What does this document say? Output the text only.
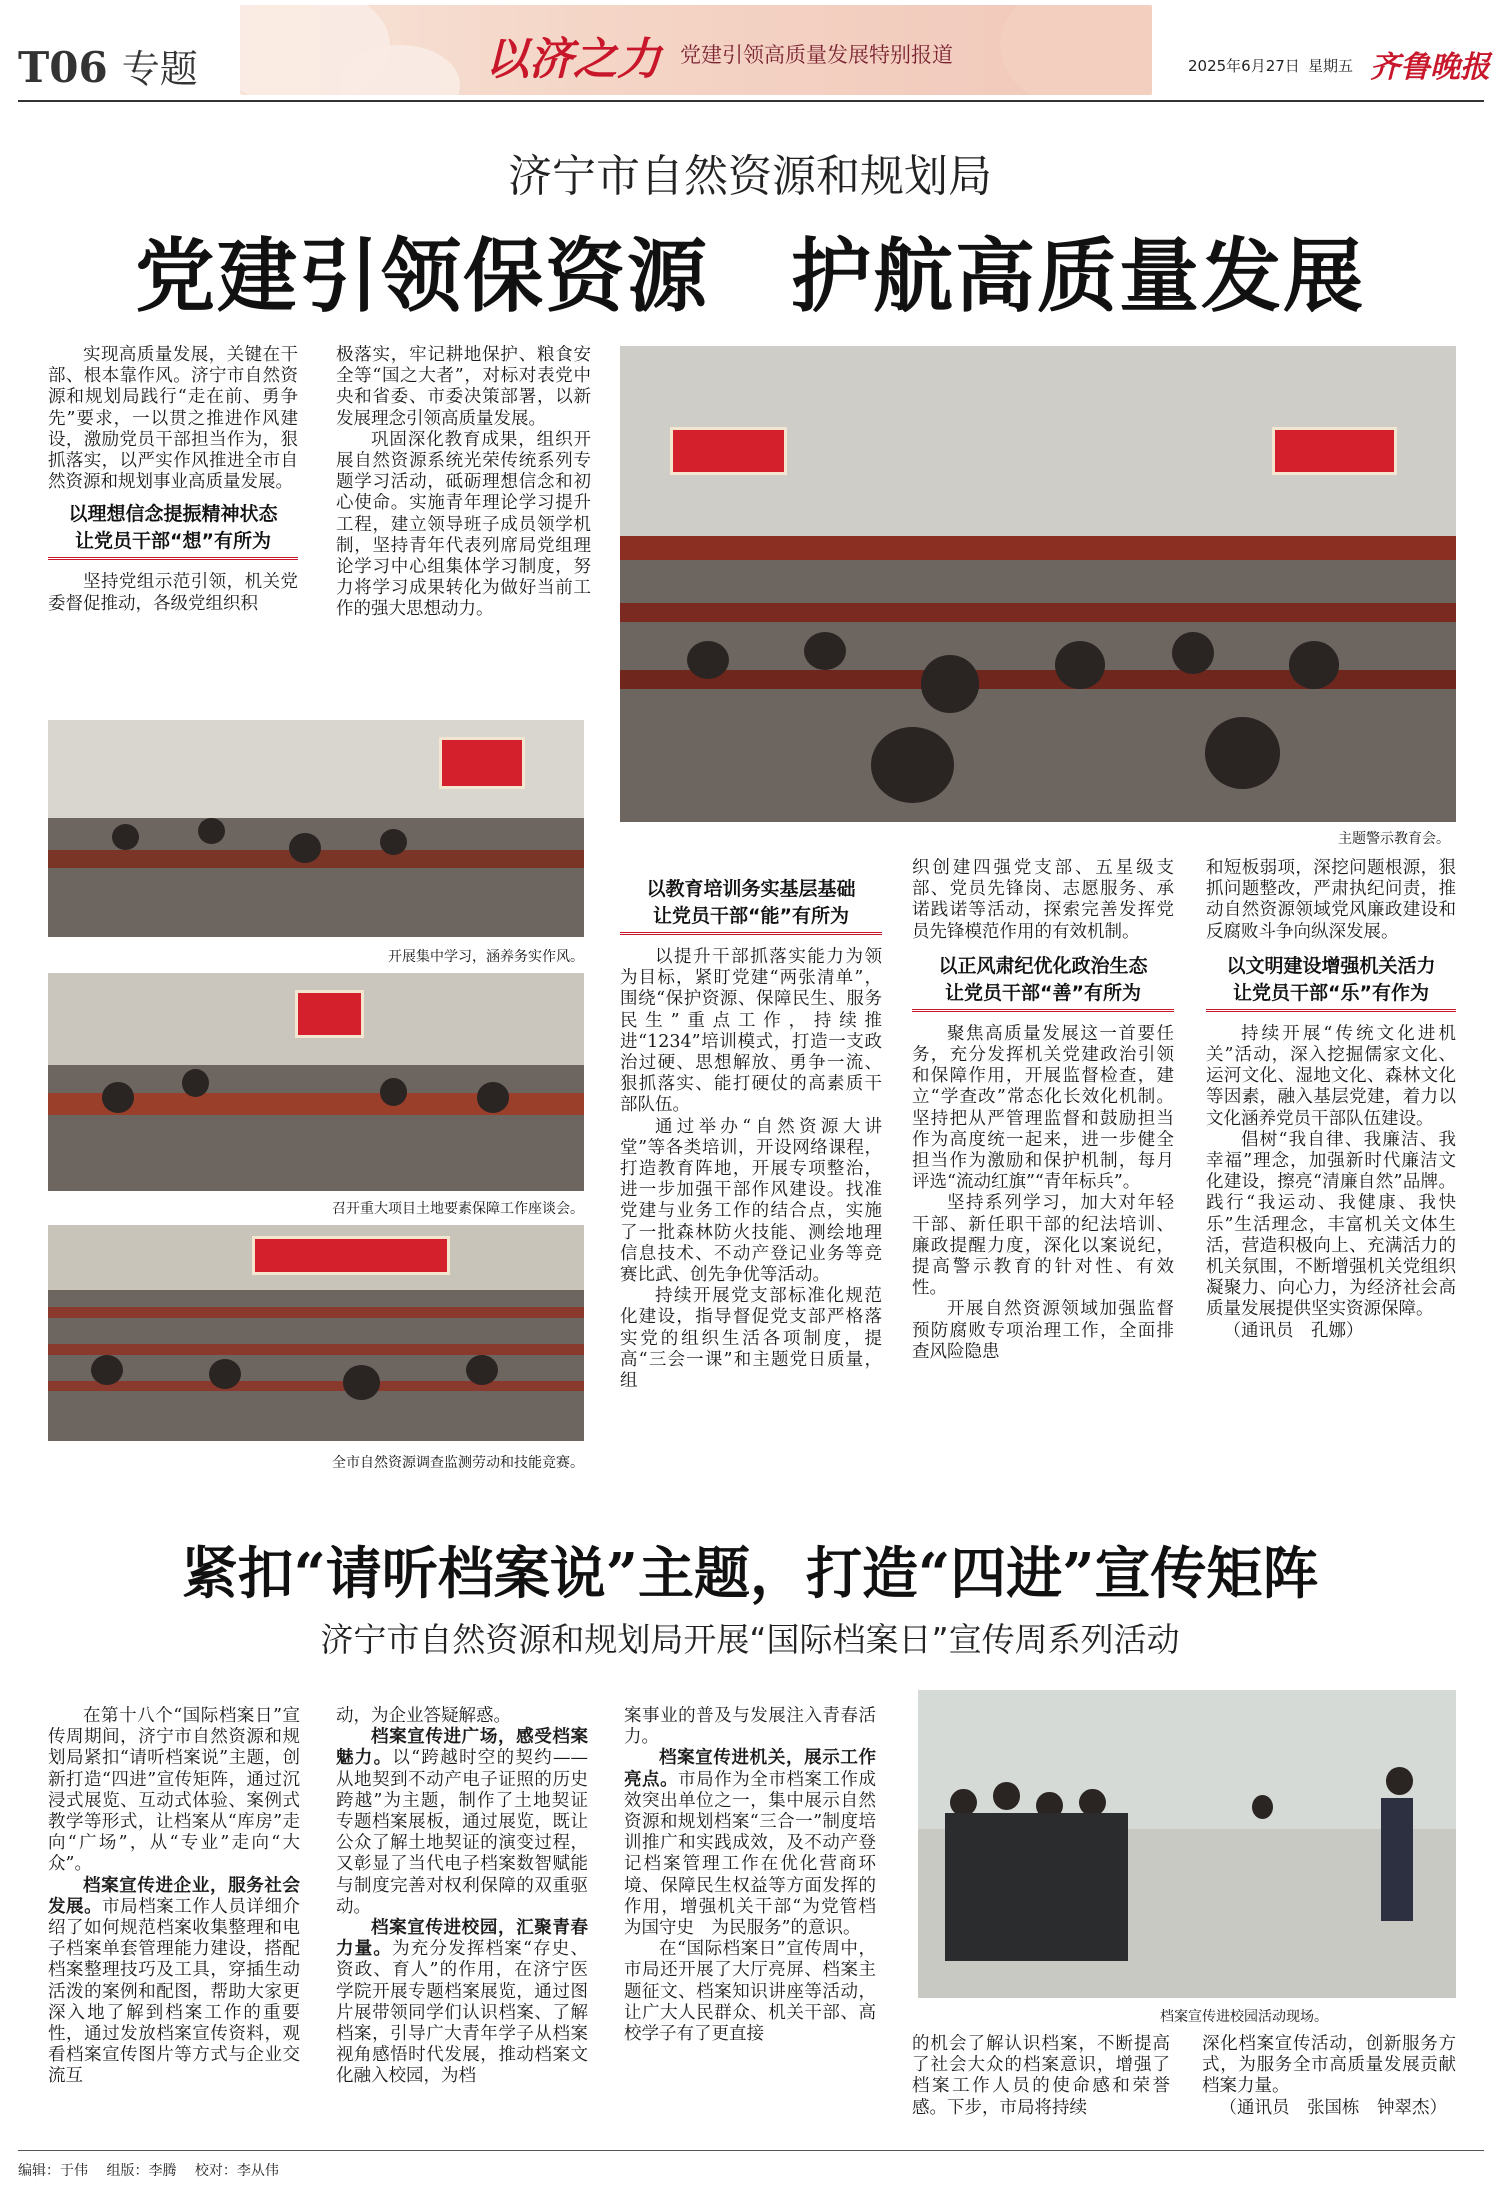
T06 专题	以济之力 党建引领高质量发展特别报道	2025年6月27日 星期五 齐鲁晚报
济宁市自然资源和规划局
党建引领保资源　护航高质量发展

实现高质量发展，关键在干部、根本靠作风。济宁市自然资源和规划局践行“走在前、勇争先”要求，一以贯之推进作风建设，激励党员干部担当作为，狠抓落实，以严实作风推进全市自然资源和规划事业高质量发展。

以理想信念提振精神状态
让党员干部“想”有所为

坚持党组示范引领，机关党委督促推动，各级党组织积

极落实，牢记耕地保护、粮食安全等“国之大者”，对标对表党中央和省委、市委决策部署，以新发展理念引领高质量发展。

巩固深化教育成果，组织开展自然资源系统光荣传统系列专题学习活动，砥砺理想信念和初心使命。实施青年理论学习提升工程，建立领导班子成员领学机制，坚持青年代表列席局党组理论学习中心组集体学习制度，努力将学习成果转化为做好当前工作的强大思想动力。

主题警示教育会。
开展集中学习，涵养务实作风。
召开重大项目土地要素保障工作座谈会。
全市自然资源调查监测劳动和技能竞赛。
以教育培训务实基层基础
让党员干部“能”有所为

以提升干部抓落实能力为领为目标，紧盯党建“两张清单”，围绕“保护资源、保障民生、服务民生”重点工作，持续推进“1234”培训模式，打造一支政治过硬、思想解放、勇争一流、狠抓落实、能打硬仗的高素质干部队伍。

通过举办“自然资源大讲堂”等各类培训，开设网络课程，打造教育阵地，开展专项整治，进一步加强干部作风建设。找准党建与业务工作的结合点，实施了一批森林防火技能、测绘地理信息技术、不动产登记业务等竞赛比武、创先争优等活动。

持续开展党支部标准化规范化建设，指导督促党支部严格落实党的组织生活各项制度，提高“三会一课”和主题党日质量，组

织创建四强党支部、五星级支部、党员先锋岗、志愿服务、承诺践诺等活动，探索完善发挥党员先锋模范作用的有效机制。

以正风肃纪优化政治生态
让党员干部“善”有所为

聚焦高质量发展这一首要任务，充分发挥机关党建政治引领和保障作用，开展监督检查，建立“学查改”常态化长效化机制。坚持把从严管理监督和鼓励担当作为高度统一起来，进一步健全担当作为激励和保护机制，每月评选“流动红旗”“青年标兵”。

坚持系列学习，加大对年轻干部、新任职干部的纪法培训、廉政提醒力度，深化以案说纪，提高警示教育的针对性、有效性。

开展自然资源领域加强监督预防腐败专项治理工作，全面排查风险隐患

和短板弱项，深挖问题根源，狠抓问题整改，严肃执纪问责，推动自然资源领域党风廉政建设和反腐败斗争向纵深发展。

以文明建设增强机关活力
让党员干部“乐”有作为

持续开展“传统文化进机关”活动，深入挖掘儒家文化、运河文化、湿地文化、森林文化等因素，融入基层党建，着力以文化涵养党员干部队伍建设。

倡树“我自律、我廉洁、我幸福”理念，加强新时代廉洁文化建设，擦亮“清廉自然”品牌。践行“我运动、我健康、我快乐”生活理念，丰富机关文体生活，营造积极向上、充满活力的机关氛围，不断增强机关党组织凝聚力、向心力，为经济社会高质量发展提供坚实资源保障。

（通讯员　孔娜）

紧扣“请听档案说”主题，打造“四进”宣传矩阵
济宁市自然资源和规划局开展“国际档案日”宣传周系列活动

在第十八个“国际档案日”宣传周期间，济宁市自然资源和规划局紧扣“请听档案说”主题，创新打造“四进”宣传矩阵，通过沉浸式展览、互动式体验、案例式教学等形式，让档案从“库房”走向“广场”，从“专业”走向“大众”。

档案宣传进企业，服务社会发展。市局档案工作人员详细介绍了如何规范档案收集整理和电子档案单套管理能力建设，搭配档案整理技巧及工具，穿插生动活泼的案例和配图，帮助大家更深入地了解到档案工作的重要性，通过发放档案宣传资料，观看档案宣传图片等方式与企业交流互

动，为企业答疑解惑。

档案宣传进广场，感受档案魅力。以“跨越时空的契约——从地契到不动产电子证照的历史跨越”为主题，制作了土地契证专题档案展板，通过展览，既让公众了解土地契证的演变过程，又彰显了当代电子档案数智赋能与制度完善对权利保障的双重驱动。

档案宣传进校园，汇聚青春力量。为充分发挥档案“存史、资政、育人”的作用，在济宁医学院开展专题档案展览，通过图片展带领同学们认识档案、了解档案，引导广大青年学子从档案视角感悟时代发展，推动档案文化融入校园，为档

案事业的普及与发展注入青春活力。

档案宣传进机关，展示工作亮点。市局作为全市档案工作成效突出单位之一，集中展示自然资源和规划档案“三合一”制度培训推广和实践成效，及不动产登记档案管理工作在优化营商环境、保障民生权益等方面发挥的作用，增强机关干部“为党管档　为国守史　为民服务”的意识。

在“国际档案日”宣传周中，市局还开展了大厅亮屏、档案主题征文、档案知识讲座等活动，让广大人民群众、机关干部、高校学子有了更直接

档案宣传进校园活动现场。

的机会了解认识档案，不断提高了社会大众的档案意识，增强了档案工作人员的使命感和荣誉感。下步，市局将持续

深化档案宣传活动，创新服务方式，为服务全市高质量发展贡献档案力量。

（通讯员　张国栋　钟翠杰）

编辑：于伟 组版：李腾 校对：李从伟
